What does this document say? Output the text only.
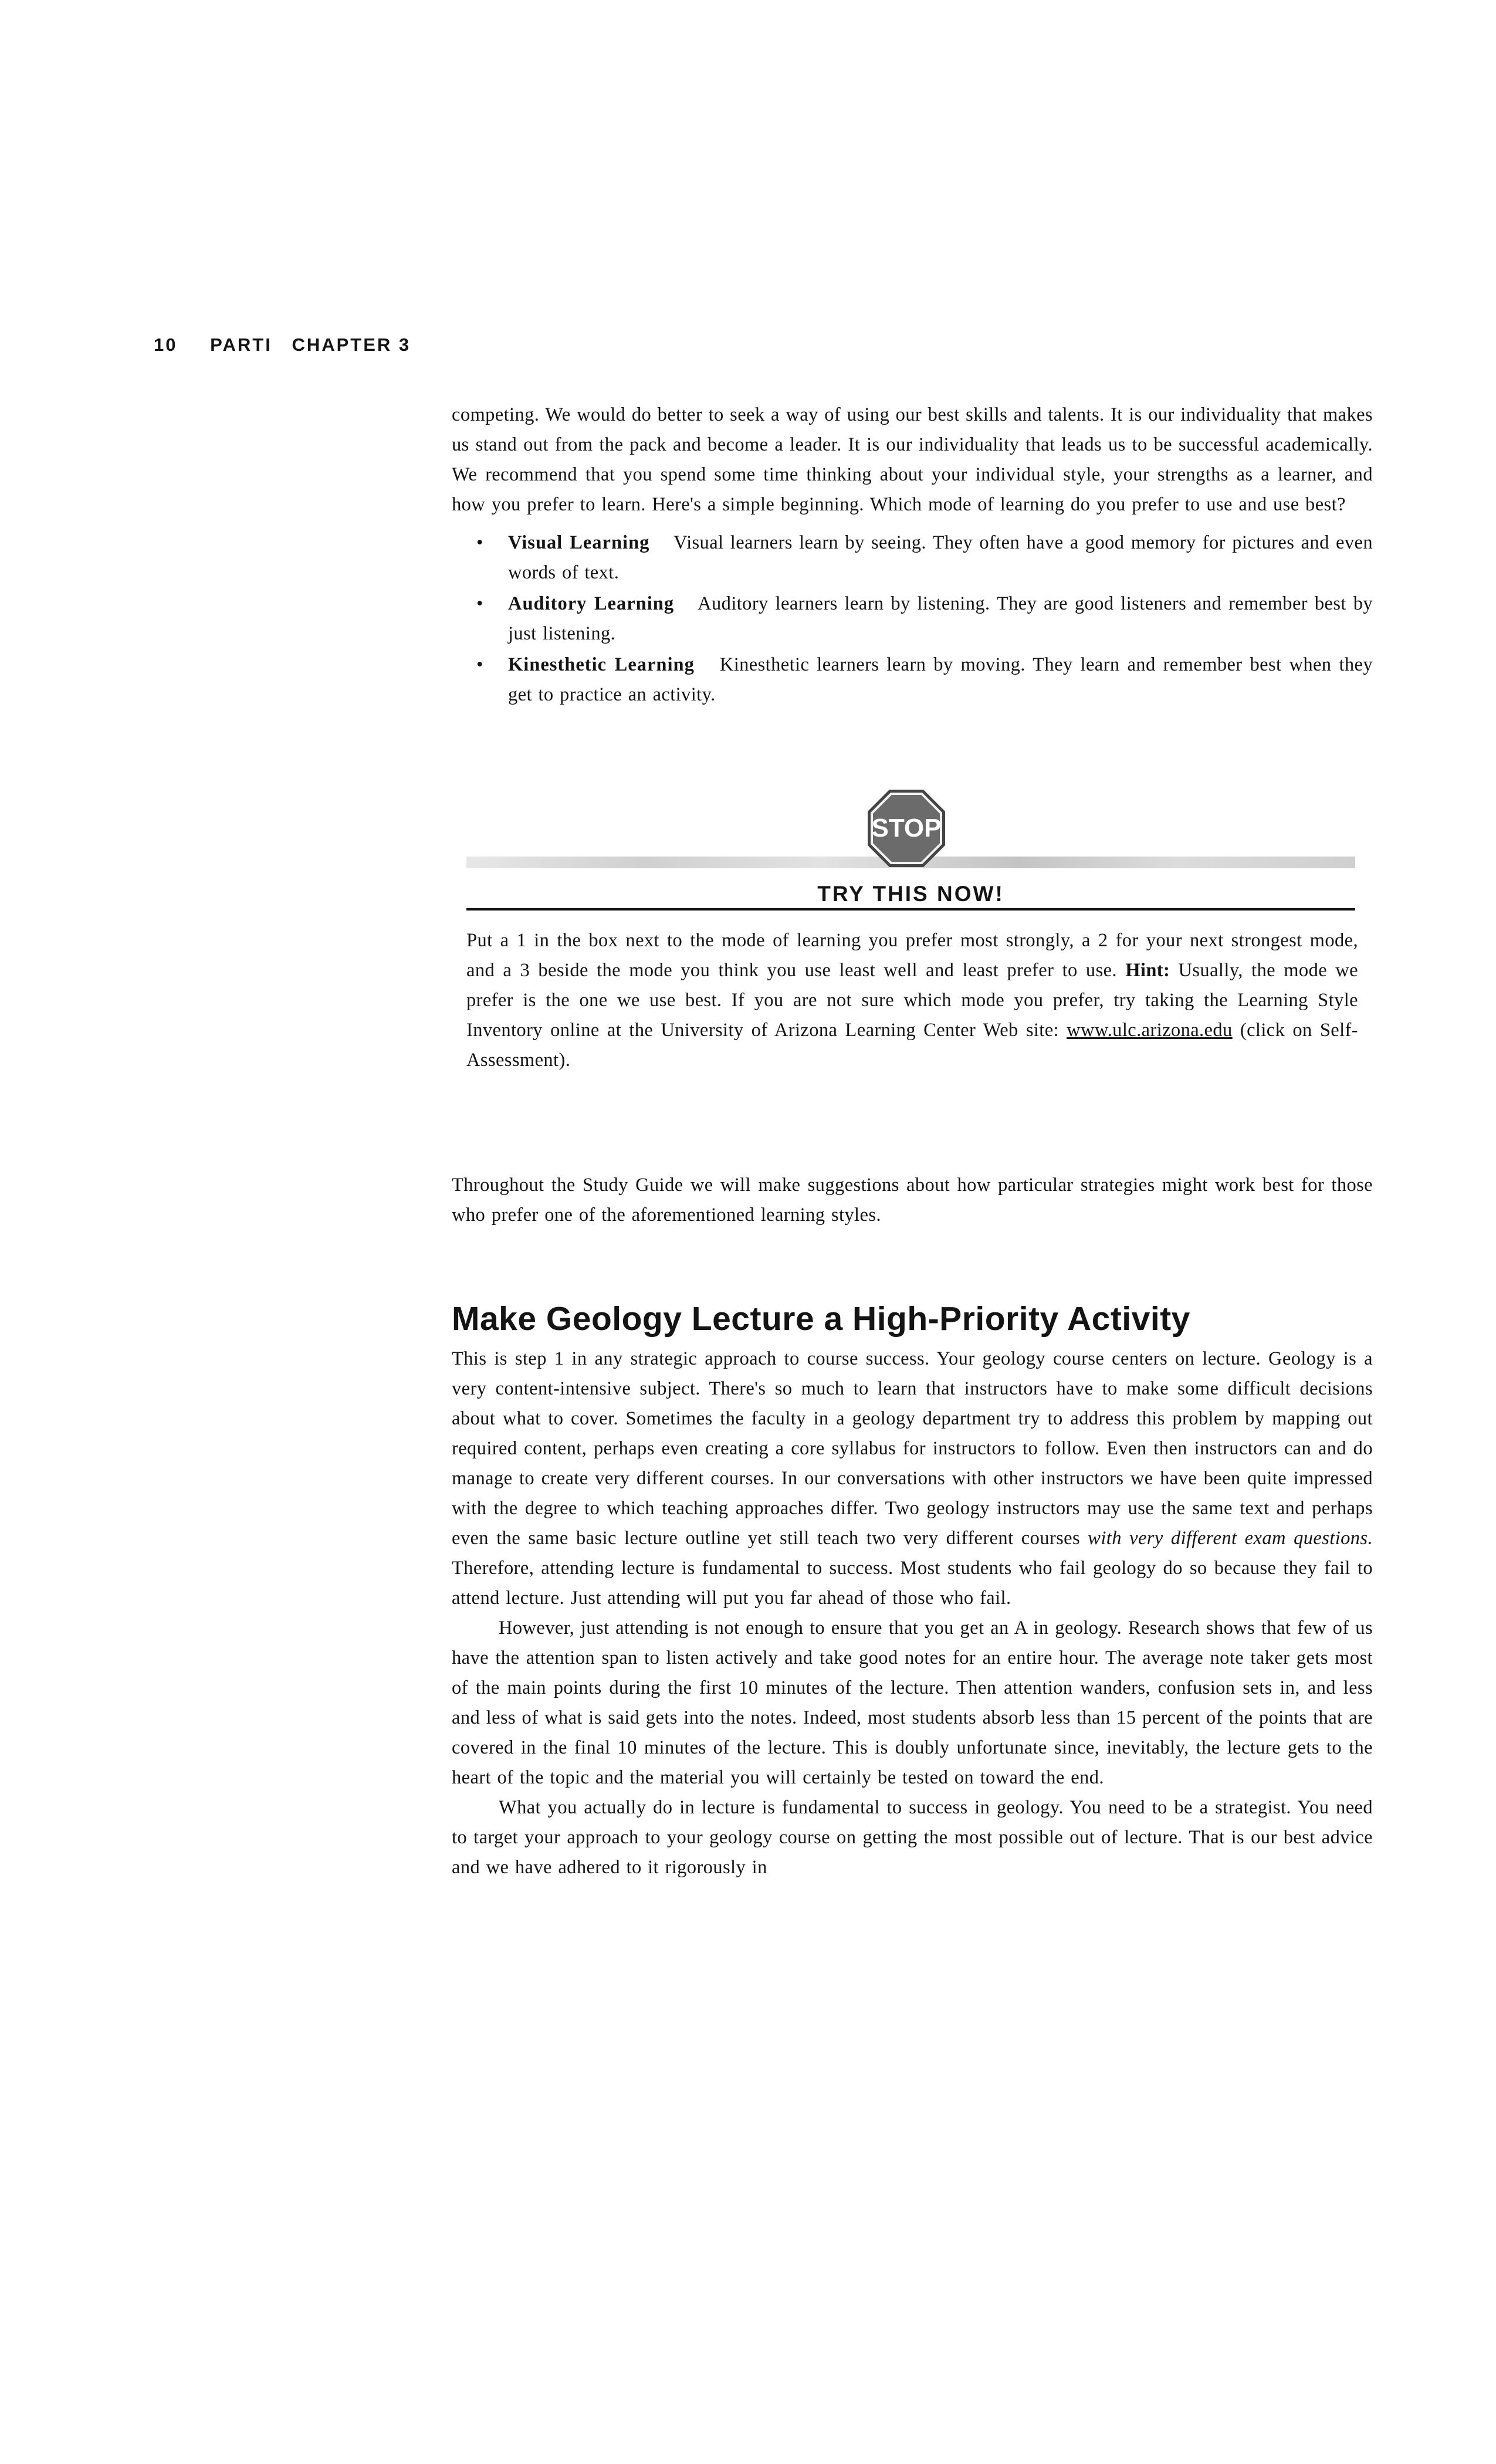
10 PARTI CHAPTER 3

competing. We would do better to seek a way of using our best skills and talents. It is our individuality that makes us stand out from the pack and become a leader. It is our individuality that leads us to be successful academically. We recommend that you spend some time thinking about your individual style, your strengths as a learner, and how you prefer to learn. Here's a simple beginning. Which mode of learning do you prefer to use and use best?

• Visual Learning Visual learners learn by seeing. They often have a good memory for pictures and even words of text.
• Auditory Learning Auditory learners learn by listening. They are good listeners and remember best by just listening.
• Kinesthetic Learning Kinesthetic learners learn by moving. They learn and remember best when they get to practice an activity.
STOP
TRY THIS NOW!

Put a 1 in the box next to the mode of learning you prefer most strongly, a 2 for your next strongest mode, and a 3 beside the mode you think you use least well and least prefer to use. Hint: Usually, the mode we prefer is the one we use best. If you are not sure which mode you prefer, try taking the Learning Style Inventory online at the University of Arizona Learning Center Web site: www.ulc.arizona.edu (click on Self-Assessment).

Throughout the Study Guide we will make suggestions about how particular strategies might work best for those who prefer one of the aforementioned learning styles.

Make Geology Lecture a High-Priority Activity

This is step 1 in any strategic approach to course success. Your geology course centers on lecture. Geology is a very content-intensive subject. There's so much to learn that instructors have to make some difficult decisions about what to cover. Sometimes the faculty in a geology department try to address this problem by mapping out required content, perhaps even creating a core syllabus for instructors to follow. Even then instructors can and do manage to create very different courses. In our conversations with other instructors we have been quite impressed with the degree to which teaching approaches differ. Two geology instructors may use the same text and perhaps even the same basic lecture outline yet still teach two very different courses with very different exam questions. Therefore, attending lecture is fundamental to success. Most students who fail geology do so because they fail to attend lecture. Just attending will put you far ahead of those who fail.

However, just attending is not enough to ensure that you get an A in geology. Research shows that few of us have the attention span to listen actively and take good notes for an entire hour. The average note taker gets most of the main points during the first 10 minutes of the lecture. Then attention wanders, confusion sets in, and less and less of what is said gets into the notes. Indeed, most students absorb less than 15 percent of the points that are covered in the final 10 minutes of the lecture. This is doubly unfortunate since, inevitably, the lecture gets to the heart of the topic and the material you will certainly be tested on toward the end.

What you actually do in lecture is fundamental to success in geology. You need to be a strategist. You need to target your approach to your geology course on getting the most possible out of lecture. That is our best advice and we have adhered to it rigorously in
